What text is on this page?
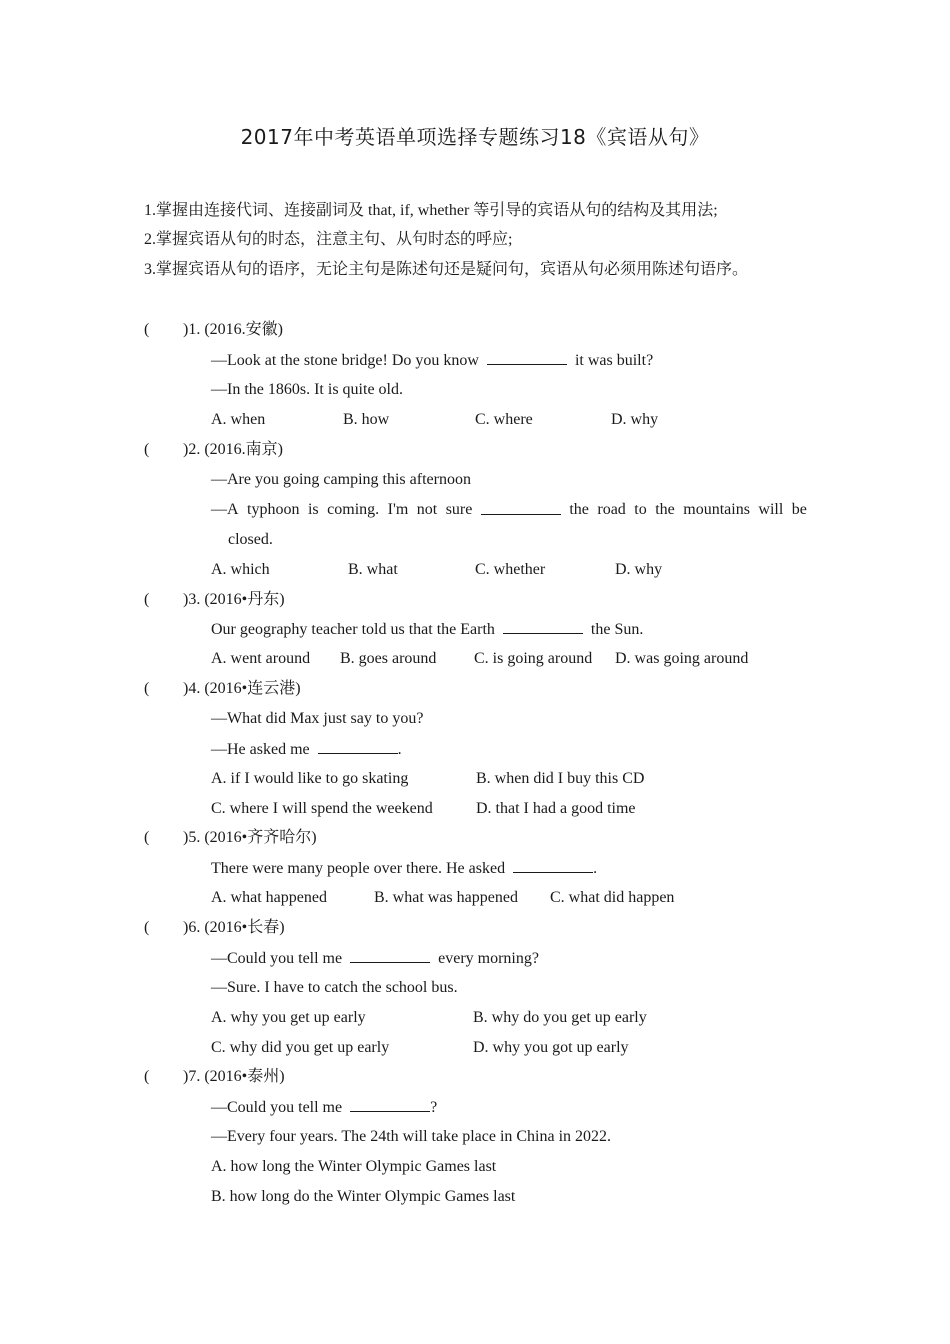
2017年中考英语单项选择专题练习18《宾语从句》
1.掌握由连接代词、连接副词及 that, if, whether 等引导的宾语从句的结构及其用法;
2.掌握宾语从句的时态，注意主句、从句时态的呼应;
3.掌握宾语从句的语序，无论主句是陈述句还是疑问句，宾语从句必须用陈述句语序。
( )1. (2016.安徽)
—Look at the stone bridge! Do you know	it was built?
—In the 1860s. It is quite old.
A. when	B. how	C. where	D. why
( )2. (2016.南京)
—Are you going camping this afternoon
—A typhoon is coming. I'm not sure	the road to the mountains will be
closed.
A. which	B. what	C. whether	D. why
( )3. (2016•丹东)
Our geography teacher told us that the Earth	the Sun.
A. went around B. goes around C. is going around D. was going around
( )4. (2016•连云港)
—What did Max just say to you?
—He asked me	.
A. if I would like to go skating	B. when did I buy this CD
C. where I will spend the weekend	D. that I had a good time
( )5. (2016•齐齐哈尔)
There were many people over there. He asked	.
A. what happened	B. what was happened C. what did happen
( )6. (2016•长春)
—Could you tell me	every morning?
—Sure. I have to catch the school bus.
A. why you get up early	B. why do you get up early
C. why did you get up early	D. why you got up early
( )7. (2016•泰州)
—Could you tell me	?
—Every four years. The 24th will take place in China in 2022.
A. how long the Winter Olympic Games last
B. how long do the Winter Olympic Games last
